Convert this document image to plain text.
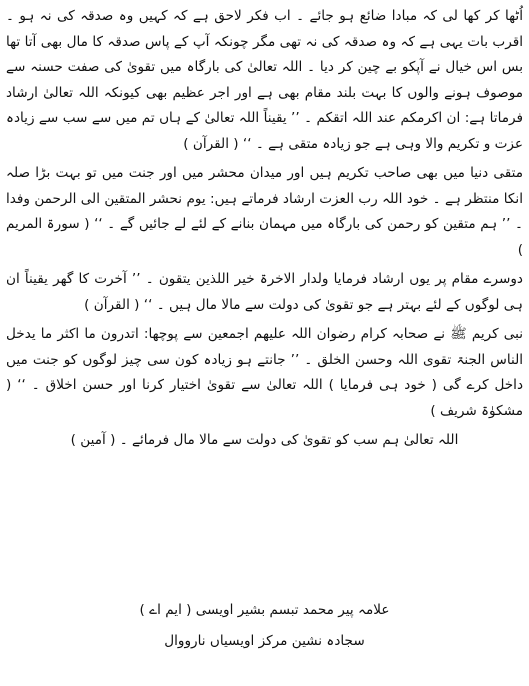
اُٹھا کر کھا لی کہ مبادا ضائع ہو جائے ۔ اب فکر لاحق ہے کہ کہیں وہ صدقہ کی نہ ہو ۔ اقرب بات یہی ہے کہ وہ صدقہ کی نہ تھی مگر چونکہ آپ کے پاس صدقہ کا مال بھی آتا تھا بس اس خیال نے آپکو بے چین کر دیا ۔ اللہ تعالیٰ کی بارگاہ میں تقویٰ کی صفت حسنہ سے موصوف ہونے والوں کا بہت بلند مقام بھی ہے اور اجر عظیم بھی کیونکہ اللہ تعالیٰ ارشاد فرماتا ہے: ان اکرمکم عند اللہ اتقکم ۔ ’’ یقیناً اللہ تعالیٰ کے ہاں تم میں سے سب سے زیادہ عزت و تکریم والا وہی ہے جو زیادہ متقی ہے ۔ ‘‘ ( القرآن )

متقی دنیا میں بھی صاحب تکریم ہیں اور میدان محشر میں اور جنت میں تو بہت بڑا صلہ انکا منتظر ہے ۔ خود اللہ رب العزت ارشاد فرماتے ہیں: یوم نحشر المتقین الی الرحمن وفدا ۔ ’’ ہم متقین کو رحمن کی بارگاہ میں مہمان بنانے کے لئے لے جائیں گے ۔ ‘‘ ( سورۃ المریم )

دوسرے مقام پر یوں ارشاد فرمایا ولدار الاخرۃ خیر اللذین یتقون ۔ ’’ آخرت کا گھر یقیناً ان ہی لوگوں کے لئے بہتر ہے جو تقویٰ کی دولت سے مالا مال ہیں ۔ ‘‘ ( القرآن )

نبی کریم ﷺ نے صحابہ کرام رضوان اللہ علیھم اجمعین سے پوچھا: اتدرون ما اکثر ما یدخل الناس الجنۃ تقوی اللہ وحسن الخلق ۔ ’’ جانتے ہو زیادہ کون سی چیز لوگوں کو جنت میں داخل کرے گی ( خود ہی فرمایا ) اللہ تعالیٰ سے تقویٰ اختیار کرنا اور حسن اخلاق ۔ ‘‘ ( مشکوٰۃ شریف )

اللہ تعالیٰ ہم سب کو تقویٰ کی دولت سے مالا مال فرمائے ۔ ( آمین )

علامہ پیر محمد تبسم بشیر اویسی ( ایم اے )
سجادہ نشین مرکز اویسیاں نارووال
